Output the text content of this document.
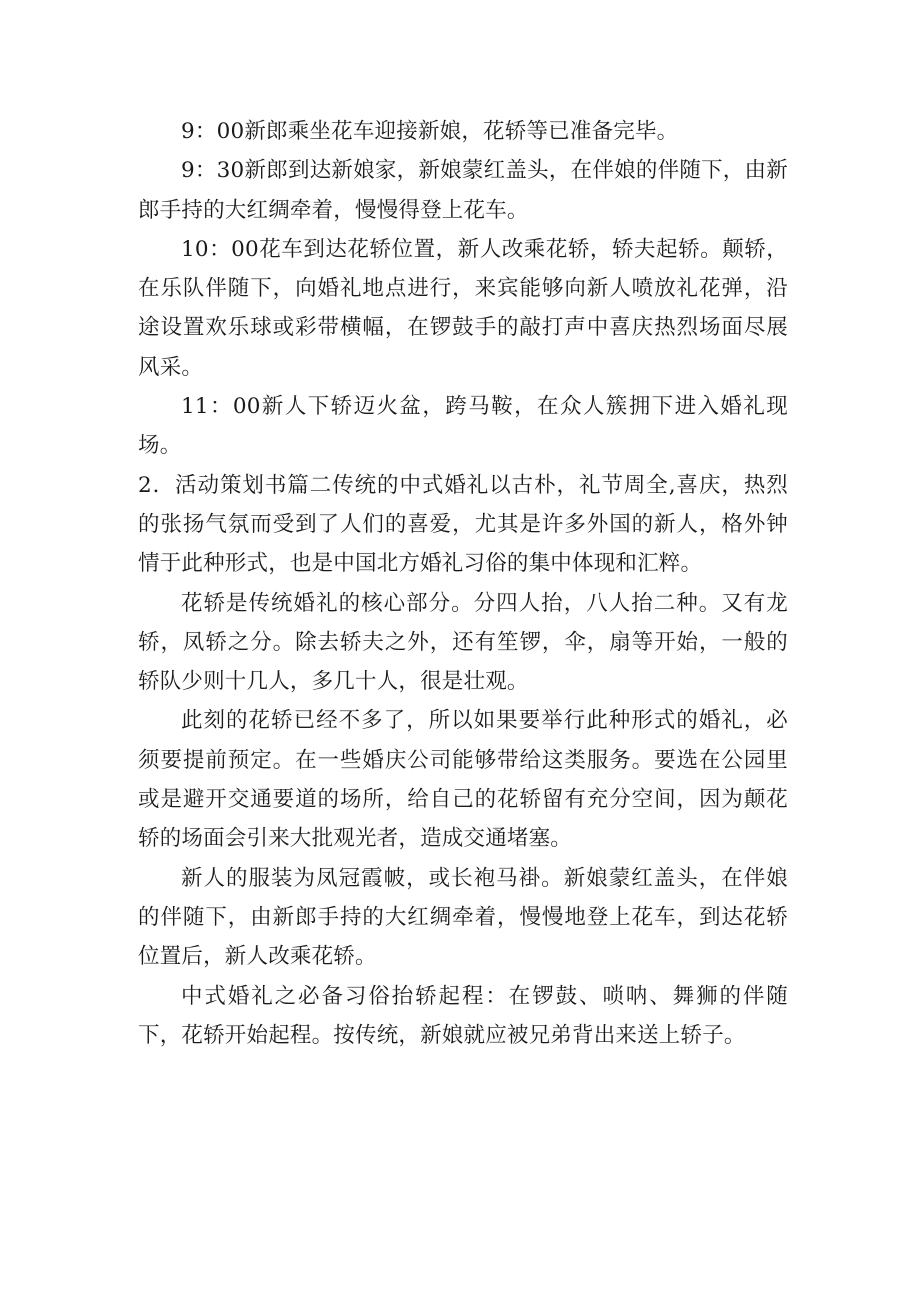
9：00新郎乘坐花车迎接新娘，花轿等已准备完毕。

9：30新郎到达新娘家，新娘蒙红盖头，在伴娘的伴随下，由新郎手持的大红绸牵着，慢慢得登上花车。

10：00花车到达花轿位置，新人改乘花轿，轿夫起轿。颠轿，在乐队伴随下，向婚礼地点进行，来宾能够向新人喷放礼花弹，沿途设置欢乐球或彩带横幅，在锣鼓手的敲打声中喜庆热烈场面尽展风采。

11：00新人下轿迈火盆，跨马鞍，在众人簇拥下进入婚礼现场。

2．活动策划书篇二传统的中式婚礼以古朴，礼节周全,喜庆，热烈的张扬气氛而受到了人们的喜爱，尤其是许多外国的新人，格外钟情于此种形式，也是中国北方婚礼习俗的集中体现和汇粹。

花轿是传统婚礼的核心部分。分四人抬，八人抬二种。又有龙轿，凤轿之分。除去轿夫之外，还有笙锣，伞，扇等开始，一般的轿队少则十几人，多几十人，很是壮观。

此刻的花轿已经不多了，所以如果要举行此种形式的婚礼，必须要提前预定。在一些婚庆公司能够带给这类服务。要选在公园里或是避开交通要道的场所，给自己的花轿留有充分空间，因为颠花轿的场面会引来大批观光者，造成交通堵塞。

新人的服装为凤冠霞帔，或长袍马褂。新娘蒙红盖头，在伴娘的伴随下，由新郎手持的大红绸牵着，慢慢地登上花车，到达花轿位置后，新人改乘花轿。

中式婚礼之必备习俗抬轿起程：在锣鼓、唢呐、舞狮的伴随下，花轿开始起程。按传统，新娘就应被兄弟背出来送上轿子。
